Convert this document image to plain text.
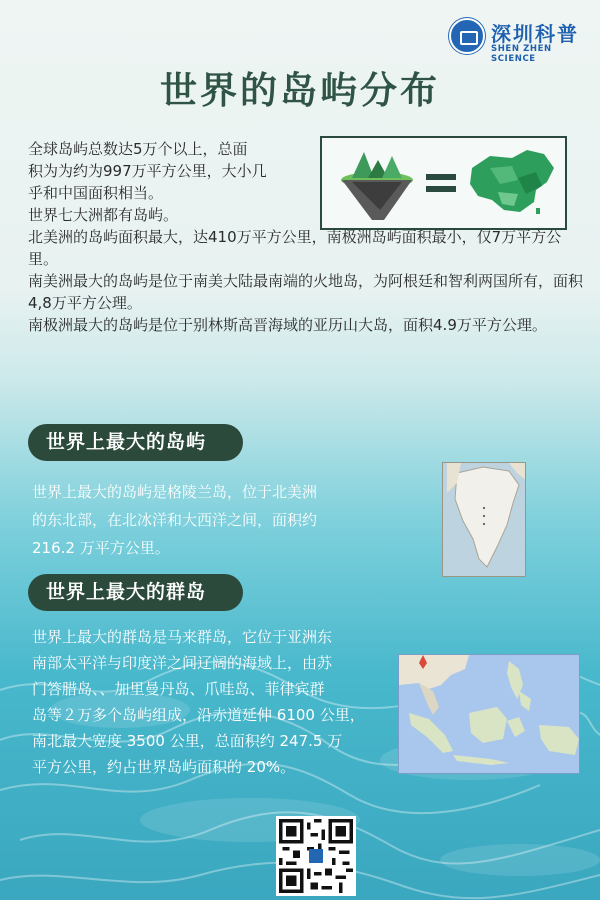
深圳科普
SHEN ZHEN SCIENCE
世界的岛屿分布

全球岛屿总数达5万个以上，总面

积为为约为997万平方公里，大小几

乎和中国面积相当。

世界七大洲都有岛屿。

北美洲的岛屿面积最大，达410万平方公里，南极洲岛屿面积最小，仅7万平方公里。

南美洲最大的岛屿是位于南美大陆最南端的火地岛，为阿根廷和智利两国所有，面积4,8万平方公理。

南极洲最大的岛屿是位于别林斯高晋海域的亚历山大岛，面积4.9万平方公理。

世界上最大的岛屿
世界上最大的岛屿是格陵兰岛，位于北美洲
的东北部，在北冰洋和大西洋之间，面积约
216.2 万平方公里。
世界上最大的群岛
世界上最大的群岛是马来群岛，它位于亚洲东
南部太平洋与印度洋之间辽阔的海域上，由苏
门答腊岛、、加里曼丹岛、爪哇岛、菲律宾群
岛等２万多个岛屿组成，沿赤道延伸 6100 公里，
南北最大宽度 3500 公里，总面积约 247.5 万
平方公里，约占世界岛屿面积的 20%。
